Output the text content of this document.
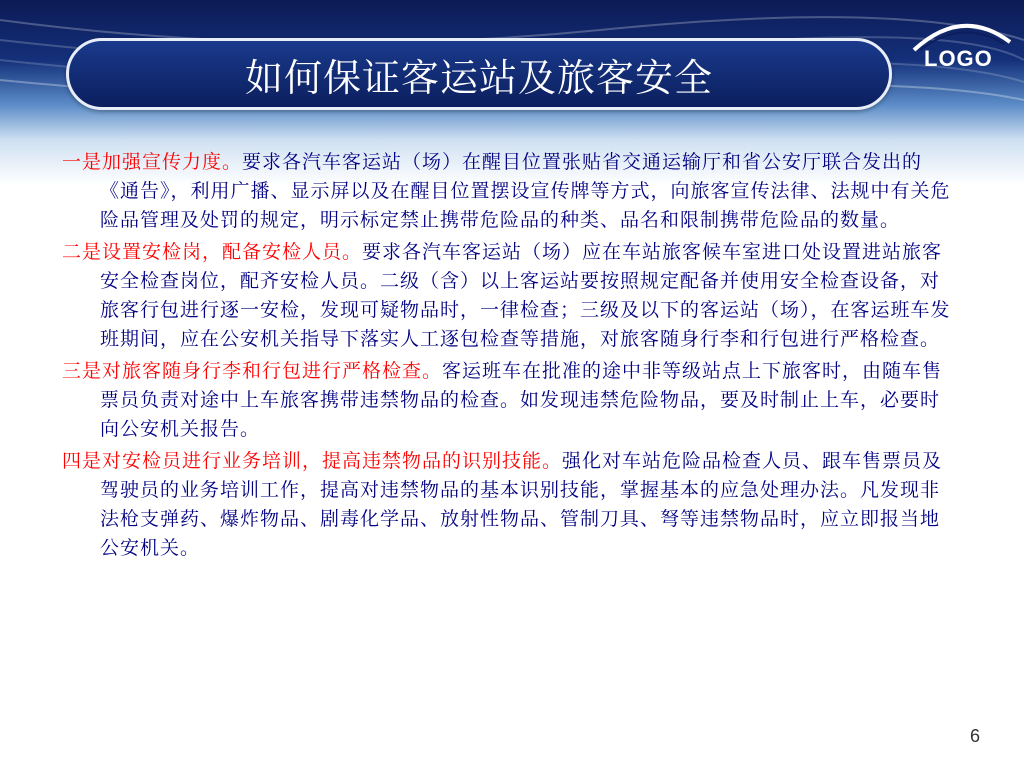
如何保证客运站及旅客安全	LOGO

一是加强宣传力度。要求各汽车客运站（场）在醒目位置张贴省交通运输厅和省公安厅联合发出的《通告》，利用广播、显示屏以及在醒目位置摆设宣传牌等方式，向旅客宣传法律、法规中有关危险品管理及处罚的规定，明示标定禁止携带危险品的种类、品名和限制携带危险品的数量。

二是设置安检岗，配备安检人员。要求各汽车客运站（场）应在车站旅客候车室进口处设置进站旅客安全检查岗位，配齐安检人员。二级（含）以上客运站要按照规定配备并使用安全检查设备，对旅客行包进行逐一安检，发现可疑物品时，一律检查；三级及以下的客运站（场），在客运班车发班期间，应在公安机关指导下落实人工逐包检查等措施，对旅客随身行李和行包进行严格检查。

三是对旅客随身行李和行包进行严格检查。客运班车在批准的途中非等级站点上下旅客时，由随车售票员负责对途中上车旅客携带违禁物品的检查。如发现违禁危险物品，要及时制止上车，必要时向公安机关报告。

四是对安检员进行业务培训，提高违禁物品的识别技能。强化对车站危险品检查人员、跟车售票员及驾驶员的业务培训工作，提高对违禁物品的基本识别技能，掌握基本的应急处理办法。凡发现非法枪支弹药、爆炸物品、剧毒化学品、放射性物品、管制刀具、弩等违禁物品时，应立即报当地公安机关。

6
